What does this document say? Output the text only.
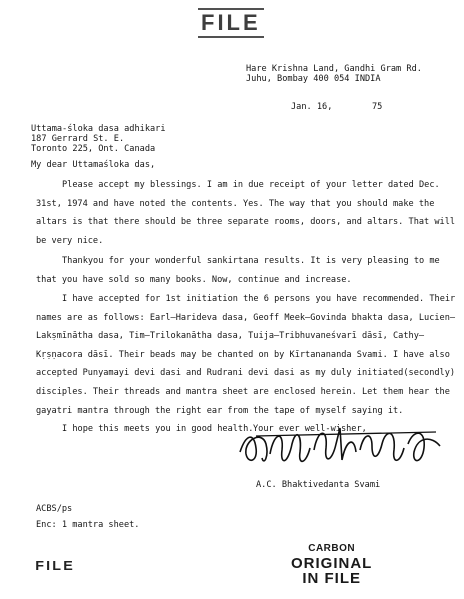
FILE
Hare Krishna Land, Gandhi Gram Rd.
Juhu, Bombay 400 054 INDIA
Jan. 16,	75
Uttama-śloka dasa adhikari
187 Gerrard St. E.
Toronto 225, Ont. Canada
My dear Uttamaśloka das,
Please accept my blessings. I am in due receipt of your letter dated Dec.
31st, 1974 and have noted the contents. Yes. The way that you should make the
altars is that there should be three separate rooms, doors, and altars. That will
be very nice.
Thankyou for your wonderful sankirtana results. It is very pleasing to me
that you have sold so many books. Now, continue and increase.
I have accepted for 1st initiation the 6 persons you have recommended. Their
names are as follows: Earl—Harideva dasa, Geoff Meek—Govinda bhakta dasa, Lucien—
Lakṣmīnātha dasa, Tim—Trilokanātha dasa, Tuija—Tribhuvaneśvarī dāsī, Cathy—
Kṛṣṇacora dāsī. Their beads may be chanted on by Kīrtanananda Svami. I have also
accepted Punyamayi devi dasi and Rudrani devi dasi as my duly initiated(secondly)
disciples. Their threads and mantra sheet are enclosed herein. Let them hear the
gayatri mantra through the right ear from the tape of myself saying it.
I hope this meets you in good health. Your ever well-wisher,
A.C. Bhaktivedanta Svami
ACBS/ps
Enc: 1 mantra sheet.
CARBON
ORIGINAL
IN FILE
FILE
